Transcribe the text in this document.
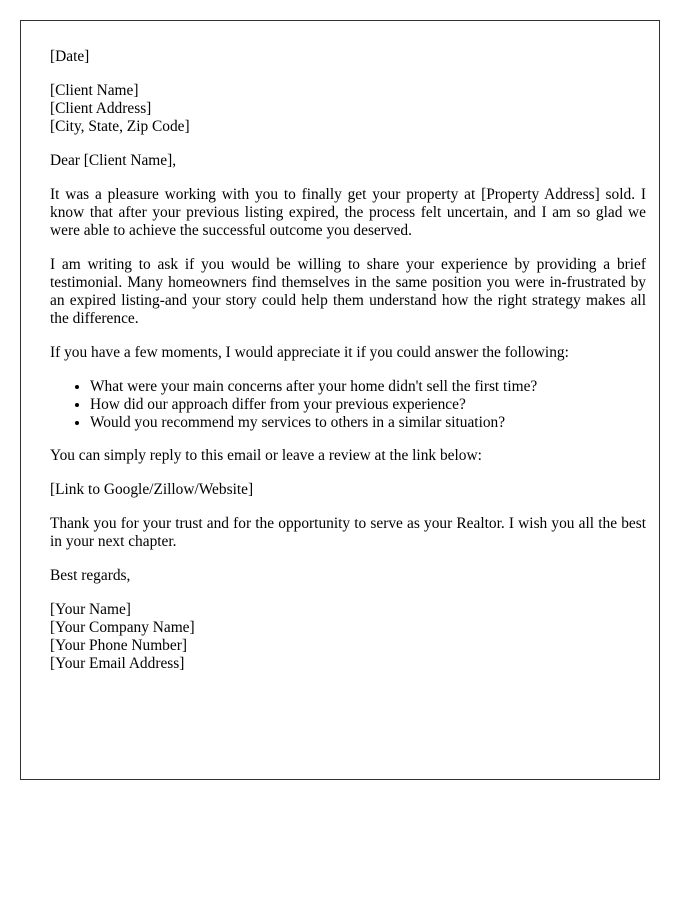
[Date]

[Client Name]
[Client Address]
[City, State, Zip Code]

Dear [Client Name],

It was a pleasure working with you to finally get your property at [Property Address] sold. I know that after your previous listing expired, the process felt uncertain, and I am so glad we were able to achieve the successful outcome you deserved.

I am writing to ask if you would be willing to share your experience by providing a brief testimonial. Many homeowners find themselves in the same position you were in-frustrated by an expired listing-and your story could help them understand how the right strategy makes all the difference.

If you have a few moments, I would appreciate it if you could answer the following:

• What were your main concerns after your home didn't sell the first time?
• How did our approach differ from your previous experience?
• Would you recommend my services to others in a similar situation?

You can simply reply to this email or leave a review at the link below:

[Link to Google/Zillow/Website]

Thank you for your trust and for the opportunity to serve as your Realtor. I wish you all the best in your next chapter.

Best regards,

[Your Name]
[Your Company Name]
[Your Phone Number]
[Your Email Address]
